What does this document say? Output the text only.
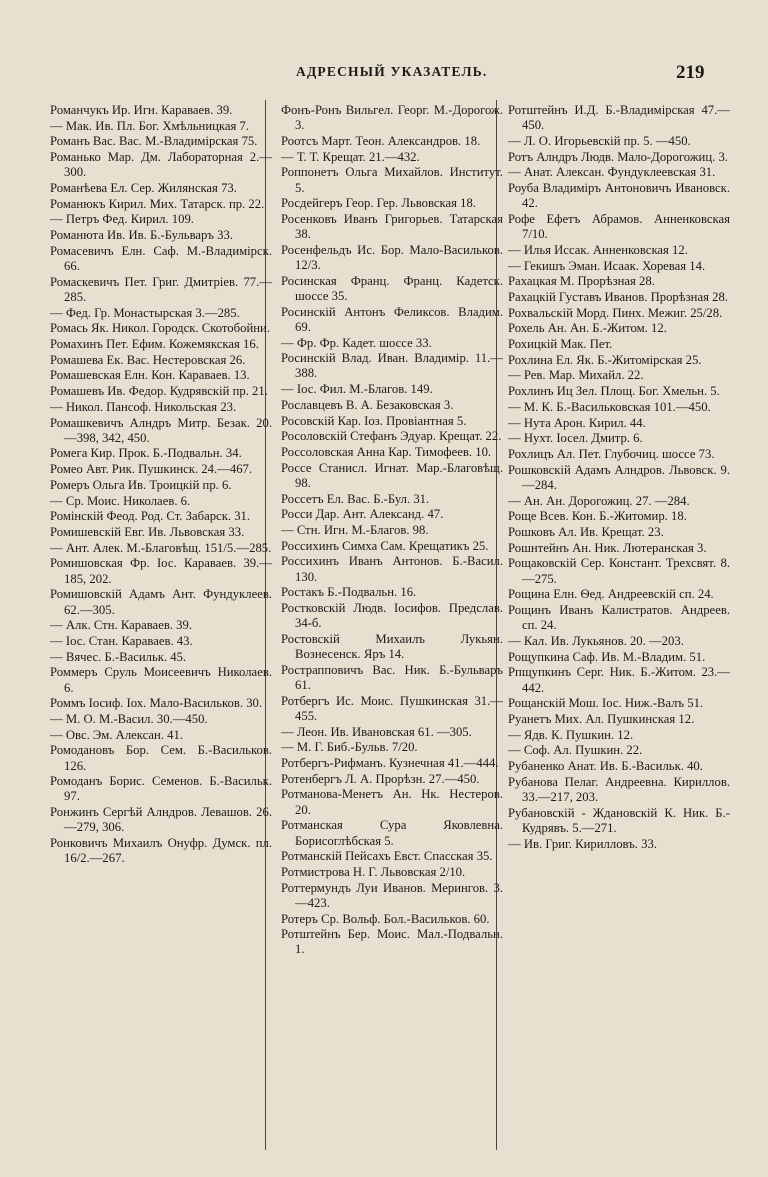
АДРЕСНЫЙ УКАЗАТЕЛЬ.	219
Романчукъ Ир. Игн. Караваев. 39.
— Мак. Ив. Пл. Бог. Хмѣльницкая 7.
Романъ Вас. Вас. М.-Владимірская 75.
Романько Мар. Дм. Лабораторная 2.—300.
Романѣева Ел. Сер. Жилянская 73.
Романюкъ Кирил. Мих. Татарск. пр. 22.
— Петръ Фед. Кирил. 109.
Романюта Ив. Ив. Б.-Бульваръ 33.
Ромасевичъ Елн. Саф. М.-Владимірск. 66.
Ромаскевичъ Пет. Григ. Дмитріев. 77.—285.
— Фед. Гр. Монастырская 3.—285.
Ромась Як. Никол. Городск. Скотобойни.
Ромахинъ Пет. Ефим. Кожемякская 16.
Ромашева Ек. Вас. Нестеровская 26.
Ромашевская Елн. Кон. Караваев. 13.
Ромашевъ Ив. Федор. Кудрявскій пр. 21.
— Никол. Пансоф. Никольская 23.
Ромашкевичъ Алндръ Митр. Безак. 20.—398, 342, 450.
Ромега Кир. Прок. Б.-Подвальн. 34.
Ромео Авт. Рик. Пушкинск. 24.—467.
Ромеръ Ольга Ив. Троицкій пр. 6.
— Ср. Моис. Николаев. 6.
Ромінскій Феод. Род. Ст. Забарск. 31.
Ромишевскій Евг. Ив. Львовская 33.
— Ант. Алек. М.-Благовѣщ. 151/5.—285.
Ромишовская Фр. Іос. Караваев. 39.—185, 202.
Ромишовскій Адамъ Ант. Фундуклеев. 62.—305.
— Алк. Стн. Караваев. 39.
— Іос. Стан. Караваев. 43.
— Вячес. Б.-Васильк. 45.
Роммеръ Сруль Моисеевичъ Николаев. 6.
Роммъ Іосиф. Іох. Мало-Васильков. 30.
— М. О. М.-Васил. 30.—450.
— Овс. Эм. Алексан. 41.
Ромодановъ Бор. Сем. Б.-Васильков. 126.
Ромоданъ Борис. Семенов. Б.-Васильк. 97.
Ронжинъ Сергѣй Алндров. Левашов. 26.—279, 306.
Ронковичъ Михаилъ Онуфр. Думск. пл. 16/2.—267.
Фонъ-Ронъ Вильгел. Георг. М.-Дорогож. 3.
Роотсъ Март. Теон. Александров. 18.
— Т. Т. Крещат. 21.—432.
Роппонетъ Ольга Михайлов. Институт. 5.
Росдейгеръ Геор. Гер. Львовская 18.
Росенковъ Иванъ Григорьев. Татарская 38.
Росенфельдъ Ис. Бор. Мало-Васильков. 12/3.
Росинская Франц. Франц. Кадетск. шоссе 35.
Росинскій Антонъ Феликсов. Владим. 69.
— Фр. Фр. Кадет. шоссе 33.
Росинскій Влад. Иван. Владимір. 11.—388.
— Іос. Фил. М.-Благов. 149.
Рославцевъ В. А. Безаковская 3.
Росовскій Кар. Іоз. Провіантная 5.
Росоловскій Стефанъ Эдуар. Крещат. 22.
Россоловская Анна Кар. Тимофеев. 10.
Россе Станисл. Игнат. Мар.-Благовѣщ. 98.
Россетъ Ел. Вас. Б.-Бул. 31.
Росси Дар. Ант. Александ. 47.
— Стн. Игн. М.-Благов. 98.
Россихинъ Симха Сам. Крещатикъ 25.
Россихинъ Иванъ Антонов. Б.-Васил. 130.
Ростакъ Б.-Подвальн. 16.
Ростковскій Людв. Іосифов. Предслав. 34-б.
Ростовскій Михаилъ Лукьян. Вознесенск. Яръ 14.
Рострапповичъ Вас. Ник. Б.-Бульваръ 61.
Ротбергъ Ис. Моис. Пушкинская 31.—455.
— Леон. Ив. Ивановская 61. —305.
— М. Г. Биб.-Бульв. 7/20.
Ротбергъ-Рифманъ. Кузнечная 41.—444.
Ротенбергъ Л. А. Прорѣзн. 27.—450.
Ротманова-Менетъ Ан. Нк. Нестеров. 20.
Ротманская Сура Яковлевна. Борисоглѣбская 5.
Ротманскій Пейсахъ Евст. Спасская 35.
Ротмистрова Н. Г. Львовская 2/10.
Роттермундъ Луи Иванов. Мерингов. 3.—423.
Ротеръ Ср. Вольф. Бол.-Васильков. 60.
Ротштейнъ Бер. Моис. Мал.-Подвальн. 1.
Ротштейнъ И.Д. Б.-Владимірская 47.—450.
— Л. О. Игорьевскій пр. 5. —450.
Ротъ Алндръ Людв. Мало-Дорогожиц. 3.
— Анат. Алексан. Фундуклеевская 31.
Роуба Владиміръ Антоновичъ Ивановск. 42.
Рофе Ефетъ Абрамов. Анненковская 7/10.
— Илья Иссак. Анненковская 12.
— Гекишъ Эман. Исаак. Хоревая 14.
Рахацкая М. Прорѣзная 28.
Рахацкій Густавъ Иванов. Прорѣзная 28.
Рохвальскій Морд. Пинх. Межиг. 25/28.
Рохель Ан. Ан. Б.-Житом. 12.
Рохицкій Мак. Пет.
Рохлина Ел. Як. Б.-Житомірская 25.
— Рев. Мар. Михайл. 22.
Рохлинъ Иц Зел. Площ. Бог. Хмельн. 5.
— М. К. Б.-Васильковская 101.—450.
— Нута Арон. Кирил. 44.
— Нухт. Іосел. Дмитр. 6.
Рохлицъ Ал. Пет. Глубочиц. шоссе 73.
Рошковскій Адамъ Алндров. Львовск. 9.—284.
— Ан. Ан. Дорогожиц. 27. —284.
Роще Всев. Кон. Б.-Житомир. 18.
Рошковъ Ал. Ив. Крещат. 23.
Рошнтейнъ Ан. Ник. Лютеранская 3.
Рощаковскій Сер. Констант. Трехсвят. 8.—275.
Рощина Елн. Ѳед. Андреевскій сп. 24.
Рощинъ Иванъ Калистратов. Андреев. сп. 24.
— Кал. Ив. Лукьянов. 20. —203.
Рощупкина Саф. Ив. М.-Владим. 51.
Рпщупкинъ Серг. Ник. Б.-Житом. 23.—442.
Рощанскій Мош. Іос. Ниж.-Валъ 51.
Руанетъ Мих. Ал. Пушкинская 12.
— Ядв. К. Пушкин. 12.
— Соф. Ал. Пушкин. 22.
Рубаненко Анат. Ив. Б.-Васильк. 40.
Рубанова Пелаг. Андреевна. Кириллов. 33.—217, 203.
Рубановскій - Ждановскій К. Ник. Б.-Кудрявъ. 5.—271.
— Ив. Григ. Кирилловъ. 33.
